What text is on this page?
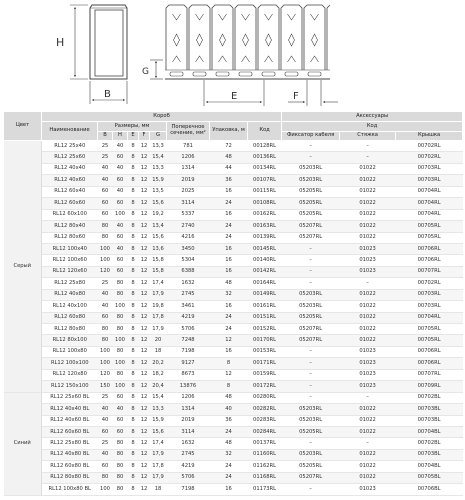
H
B
G
E	F
Цвет	Короб									Аксессуары		
	Наименование	Размеры, мм					Поперечное сечение, мм²	Упаковка, м	Код	Код		
		B	H	E	F	G				Фиксатор кабеля	Стяжка	Крышка
Серый	RL12 25x40	25	40	8	12	13,3	781	72	00128RL	–	–	00702RL
	RL12 25x60	25	60	8	12	15,4	1206	48	00136RL	–	–	00702RL
	RL12 40x40	40	40	8	12	13,3	1314	44	00134RL	05203RL	01022	00703RL
	RL12 40x60	40	60	8	12	15,9	2019	36	00107RL	05203RL	01022	00703RL
	RL12 60x40	60	40	8	12	13,5	2025	16	00115RL	05205RL	01022	00704RL
	RL12 60x60	60	60	8	12	15,6	3114	24	00108RL	05205RL	01022	00704RL
	RL12 60x100	60	100	8	12	19,2	5337	16	00162RL	05205RL	01022	00704RL
	RL12 80x40	80	40	8	12	13,4	2740	24	00163RL	05207RL	01022	00705RL
	RL12 80x60	80	60	8	12	15,6	4216	24	00139RL	05207RL	01022	00705RL
	RL12 100x40	100	40	8	12	13,6	3450	16	00145RL	–	01023	00706RL
	RL12 100x60	100	60	8	12	15,8	5304	16	00140RL	–	01023	00706RL
	RL12 120x60	120	60	8	12	15,8	6388	16	00142RL	–	01023	00707RL
	RL12 25x80	25	80	8	12	17,4	1632	48	00164RL	–	–	00702RL
	RL12 40x80	40	80	8	12	17,9	2745	32	00149RL	05203RL	01022	00703RL
	RL12 40x100	40	100	8	12	19,8	3461	16	00161RL	05203RL	01022	00703RL
	RL12 60x80	60	80	8	12	17,8	4219	24	00151RL	05205RL	01022	00704RL
	RL12 80x80	80	80	8	12	17,9	5706	24	00152RL	05207RL	01022	00705RL
	RL12 80x100	80	100	8	12	20	7248	12	00170RL	05207RL	01022	00705RL
	RL12 100x80	100	80	8	12	18	7198	16	00153RL	–	01023	00706RL
	RL12 100x100	100	100	8	12	20,2	9127	8	00171RL	–	01023	00706RL
	RL12 120x80	120	80	8	12	18,2	8673	12	00159RL	–	01023	00707RL
	RL12 150x100	150	100	8	12	20,4	13876	8	00172RL	–	01023	00709RL
Синий	RL12 25x60 BL	25	60	8	12	15,4	1206	48	00280RL	–	–	00702BL
	RL12 40x40 BL	40	40	8	12	13,3	1314	40	00282RL	05203RL	01022	00703BL
	RL12 40x60 BL	40	60	8	12	15,9	2019	36	00283RL	05203RL	01022	00703BL
	RL12 60x60 BL	60	60	8	12	15,6	3114	24	00284RL	05205RL	01022	00704BL
	RL12 25x80 BL	25	80	8	12	17,4	1632	48	00137RL	–	–	00702BL
	RL12 40x80 BL	40	80	8	12	17,9	2745	32	01160RL	05203RL	01022	00703BL
	RL12 60x80 BL	60	80	8	12	17,8	4219	24	01162RL	05205RL	01022	00704BL
	RL12 80x80 BL	80	80	8	12	17,9	5706	24	01168RL	05207RL	01022	00705BL
	RL12 100x80 BL	100	80	8	12	18	7198	16	01173RL	–	01023	00706BL
